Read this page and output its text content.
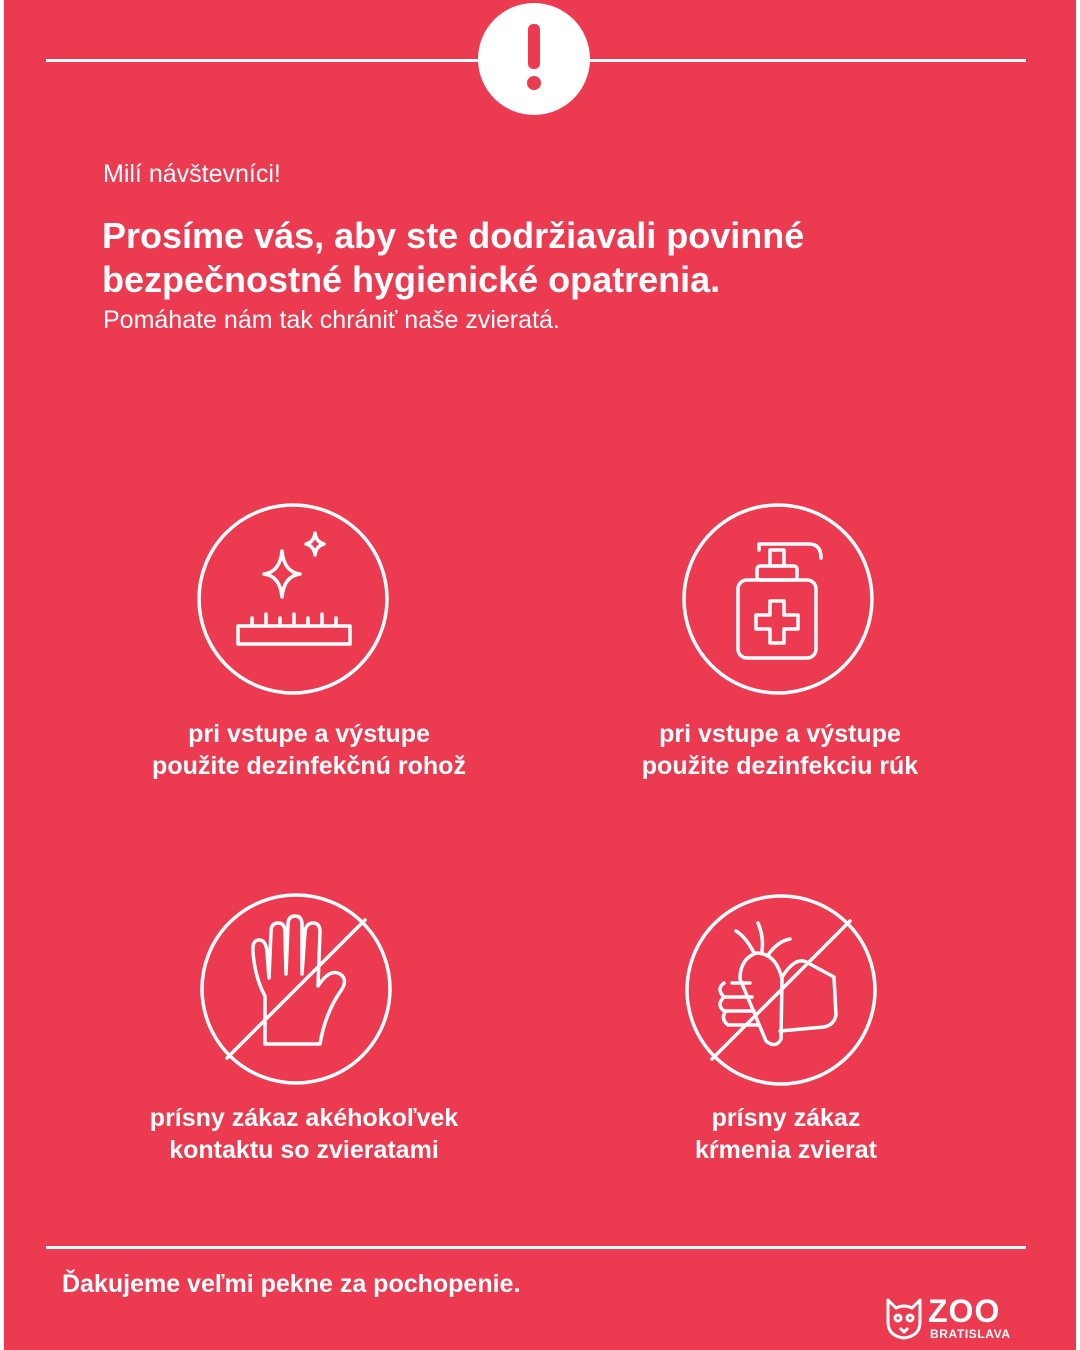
Milí návštevníci!

Prosíme vás, aby ste dodržiavali povinné
bezpečnostné hygienické opatrenia.

Pomáhate nám tak chrániť naše zvieratá.

pri vstupe a výstupe
použite dezinfekčnú rohož
pri vstupe a výstupe
použite dezinfekciu rúk
prísny zákaz akéhokoľvek
kontaktu so zvieratami
prísny zákaz
kŕmenia zvierat

Ďakujeme veľmi pekne za pochopenie.

ZOO
BRATISLAVA
